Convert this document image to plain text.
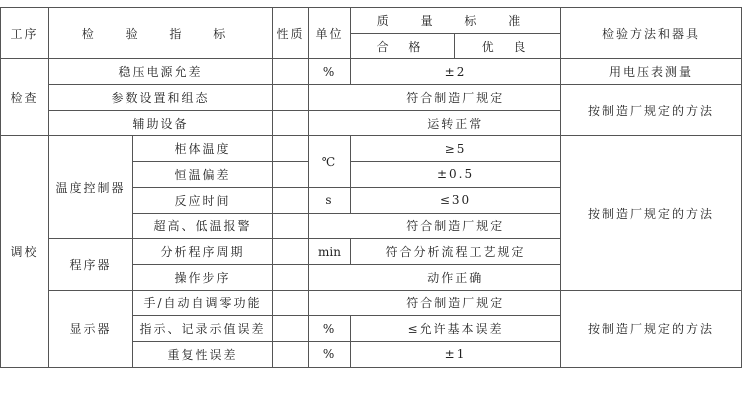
工序	检 验 指 标		性质	单位	质 量 标 准		检验方法和器具
					合 格	优 良	
检查	稳压电源允差			%	±2		用电压表测量
	参数设置和组态				符合制造厂规定		按制造厂规定的方法
	辅助设备				运转正常		
调校	温度控制器	柜体温度		℃	≥5		按制造厂规定的方法
		恒温偏差			±0.5		
		反应时间		s	≤30		
		超高、低温报警			符合制造厂规定		
	程序器	分析程序周期		min	符合分析流程工艺规定		
		操作步序			动作正确		
	显示器	手/自动自调零功能			符合制造厂规定		按制造厂规定的方法
		指示、记录示值误差		%	≤允许基本误差		
		重复性误差		%	±1		
